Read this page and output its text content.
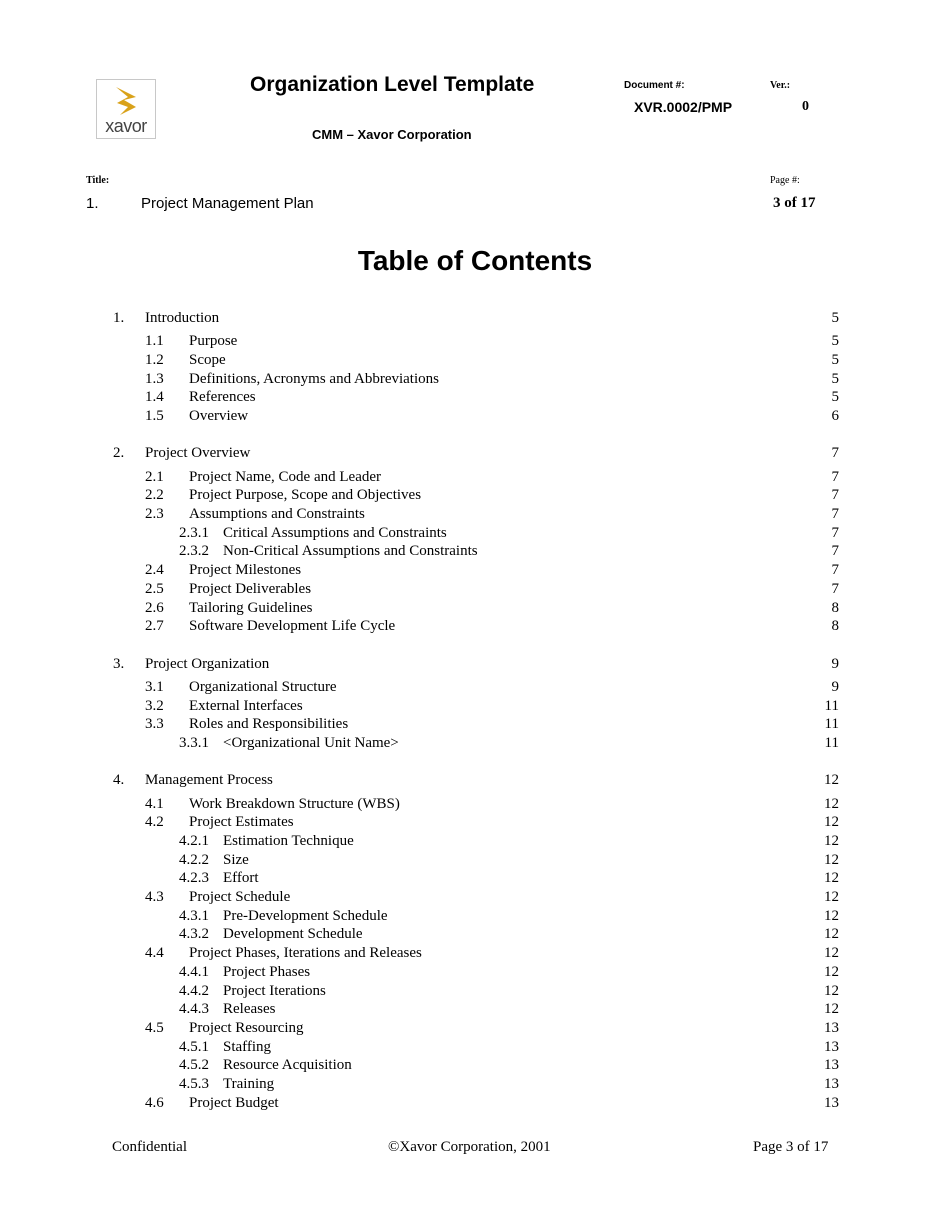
xavor
Organization Level Template
CMM – Xavor Corporation
Document #:
XVR.0002/PMP
Ver.:
0
Title:	Page #:
1.	Project Management Plan	3 of 17
Table of Contents
1. Introduction	5
1.1 Purpose	5
1.2 Scope	5
1.3 Definitions, Acronyms and Abbreviations	5
1.4 References	5
1.5 Overview	6
2. Project Overview	7
2.1 Project Name, Code and Leader	7
2.2 Project Purpose, Scope and Objectives	7
2.3 Assumptions and Constraints	7
2.3.1 Critical Assumptions and Constraints	7
2.3.2 Non-Critical Assumptions and Constraints	7
2.4 Project Milestones	7
2.5 Project Deliverables	7
2.6 Tailoring Guidelines	8
2.7 Software Development Life Cycle	8
3. Project Organization	9
3.1 Organizational Structure	9
3.2 External Interfaces	11
3.3 Roles and Responsibilities	11
3.3.1 <Organizational Unit Name>	11
4. Management Process	12
4.1 Work Breakdown Structure (WBS)	12
4.2 Project Estimates	12
4.2.1 Estimation Technique	12
4.2.2 Size	12
4.2.3 Effort	12
4.3 Project Schedule	12
4.3.1 Pre-Development Schedule	12
4.3.2 Development Schedule	12
4.4 Project Phases, Iterations and Releases	12
4.4.1 Project Phases	12
4.4.2 Project Iterations	12
4.4.3 Releases	12
4.5 Project Resourcing	13
4.5.1 Staffing	13
4.5.2 Resource Acquisition	13
4.5.3 Training	13
4.6 Project Budget	13
Confidential	©Xavor Corporation, 2001	Page 3 of 17
